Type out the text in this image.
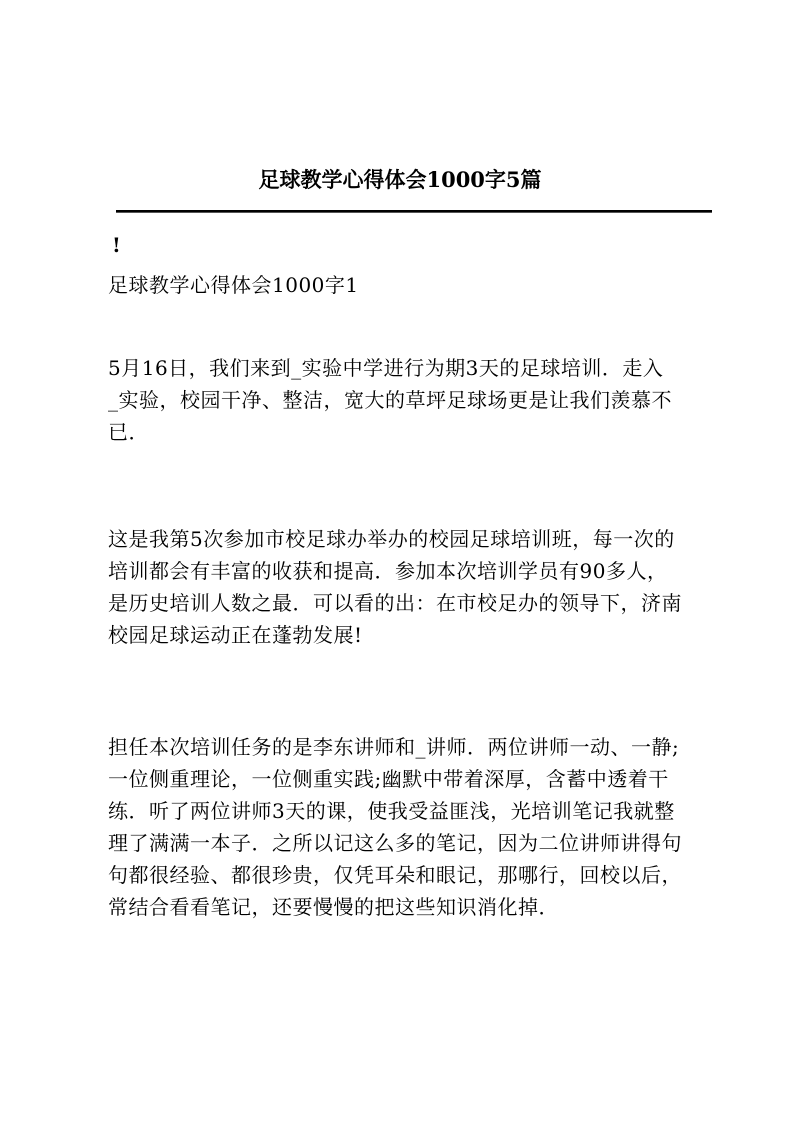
足球教学心得体会1000字5篇
!
足球教学心得体会1000字1
5月16日，我们来到_实验中学进行为期3天的足球培训．走入
_实验，校园干净、整洁，宽大的草坪足球场更是让我们羡慕不
已．
这是我第5次参加市校足球办举办的校园足球培训班，每一次的
培训都会有丰富的收获和提高．参加本次培训学员有90多人，
是历史培训人数之最．可以看的出：在市校足办的领导下，济南
校园足球运动正在蓬勃发展!
担任本次培训任务的是李东讲师和_讲师．两位讲师一动、一静;
一位侧重理论，一位侧重实践;幽默中带着深厚，含蓄中透着干
练．听了两位讲师3天的课，使我受益匪浅，光培训笔记我就整
理了满满一本子．之所以记这么多的笔记，因为二位讲师讲得句
句都很经验、都很珍贵，仅凭耳朵和眼记，那哪行，回校以后，
常结合看看笔记，还要慢慢的把这些知识消化掉．
